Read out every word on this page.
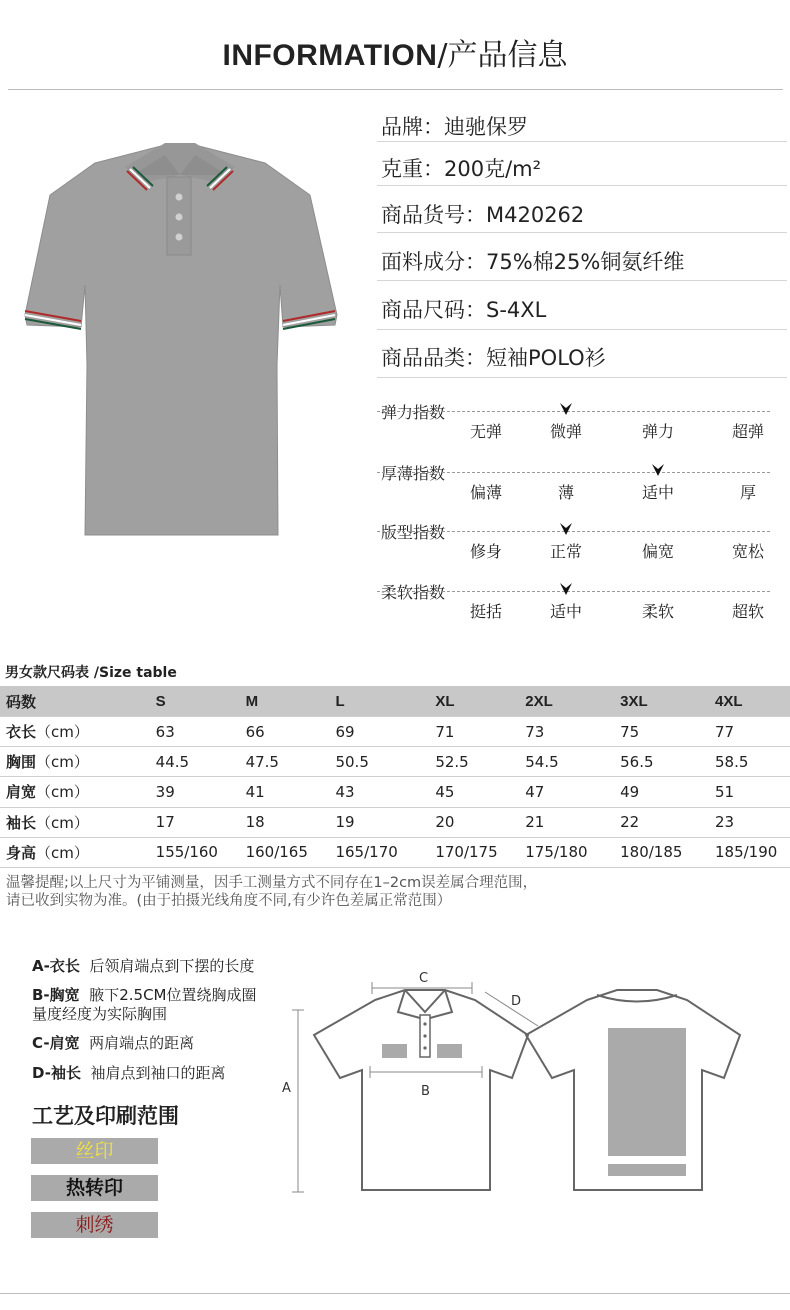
INFORMATION/产品信息
品牌：迪驰保罗
克重：200克/m²
商品货号：M420262
面料成分：75%棉25%铜氨纤维
商品尺码：S-4XL
商品品类：短袖POLO衫
弹力指数
无弹	微弹	弹力	超弹
厚薄指数
偏薄	薄	适中	厚
版型指数
修身	正常	偏宽	宽松
柔软指数
挺括	适中	柔软	超软
男女款尺码表 /Size table
码数	S	M	L	XL	2XL	3XL	4XL
衣长（cm）	63	66	69	71	73	75	77
胸围（cm）	44.5	47.5	50.5	52.5	54.5	56.5	58.5
肩宽（cm）	39	41	43	45	47	49	51
袖长（cm）	17	18	19	20	21	22	23
身高（cm）	155/160	160/165	165/170	170/175	175/180	180/185	185/190
温馨提醒;以上尺寸为平铺测量，因手工测量方式不同存在1–2cm误差属合理范围，
请已收到实物为准。(由于拍摄光线角度不同,有少许色差属正常范围）
A-衣长 后领肩端点到下摆的长度
B-胸宽 腋下2.5CM位置绕胸成圈
量度经度为实际胸围
C-肩宽 两肩端点的距离
D-袖长 袖肩点到袖口的距离
工艺及印刷范围
丝印
热转印
刺绣
C
D
B
A
